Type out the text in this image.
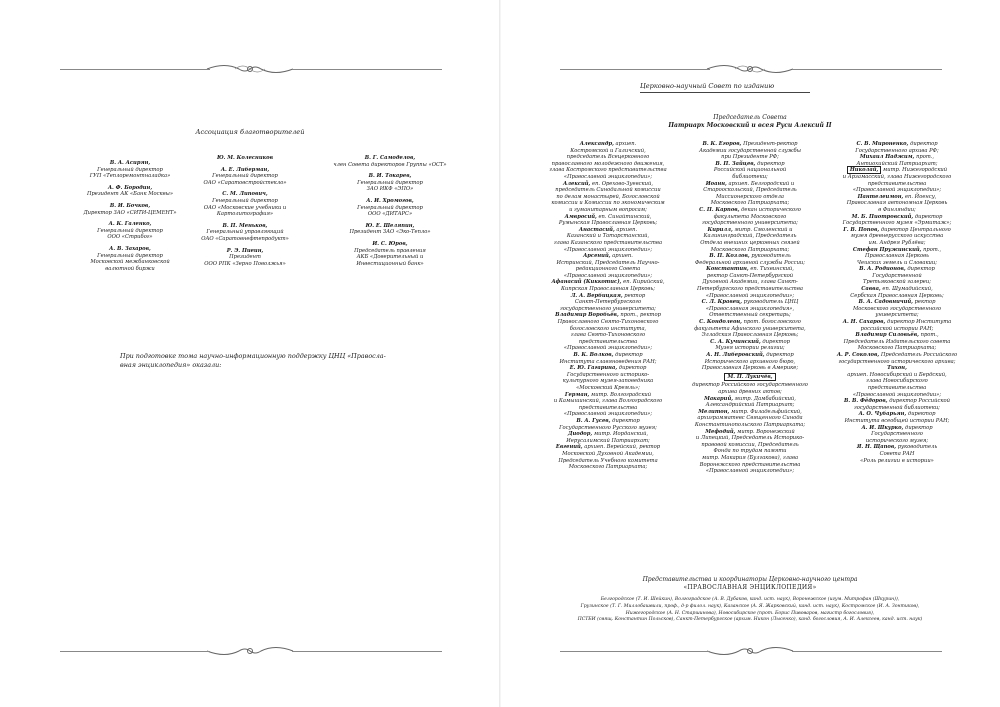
Ассоциация благотворителей

В. А. Асирян,

Генеральный директор

ГУП «Теплоремонтналадка»

А. Ф. Бородин,

Президент АК «Банк Москвы»

В. И. Бочков,

Директор ЗАО «СИТИ-ЦЕМЕНТ»

А. К. Галенко,

Генеральный директор

ООО «Стрибог»

А. В. Захаров,

Генеральный директор

Московской межбанковской

валютной биржи

Ю. М. Колесников

А. Е. Либерман,

Генеральный директор

ОАО «Саратовстройстекло»

С. М. Липович,

Генеральный директор

ОАО «Московские учебники и

Картолитография»

В. П. Меньков,

Генеральный управляющий

ОАО «Саратовнефтепродукт»

Р. Э. Пиеин,

Президент

ООО РПК «Зерно Поволжья»

В. Г. Самоделов,

член Совета директоров Группы «ОСТ»

В. И. Токарев,

Генеральный директор

ЗАО ИКФ «ЭПО»

А. И. Хромогов,

Генеральный директор

ООО «ДИТАРС»

Ю. Е. Шеляпин,

Президент ЗАО «Эко-Тепло»

И. С. Юров,

Председатель правления

АКБ «Доверительный и

Инвестиционный банк»

При подготовке тома научно-информационную поддержку ЦНЦ «Правосла-
вная энциклопедия» оказали:
Церковно-научный Совет по изданию
Председатель Совета
Патриарх Московский и всея Руси Алексий II

Александр, архиеп.

Костромской и Галичский,

председатель Всецерковного

православного молодежного движения,

глава Костромского представительства

«Православной энциклопедии»;

Алексий, еп. Орехово-Зуевский,

председатель Синодальной комиссии

по делам монастырей, Богословской

комиссии и Комиссии по экономическим

и гуманитарным вопросам;

Амвросий, еп. Синайтинский,

Румынская Православная Церковь;

Анастасий, архиеп.

Казанский и Татарстанский,

глава Казанского представительства

«Православной энциклопедии»;

Арсений, архиеп.

Истринский, Председатель Научно-

редакционного Совета

«Православной энциклопедии»;

Афанасий (Киккотис), еп. Кирийский,

Кипрская Православная Церковь;

Л. А. Вербицкая, ректор

Санкт-Петербургского

государственного университета;

Владимир Воробьёв, прот., ректор

Православного Свято-Тихоновского

богословского института,

глава Свято-Тихоновского

представительства

«Православной энциклопедии»;

В. К. Волков, директор

Института славяноведения РАН;

Е. Ю. Гагарина, директор

Государственного историко-

культурного музея-заповедника

«Московский Кремль»;

Герман, митр. Волгоградский

и Камышинский, глава Волгоградского

представительства

«Православной энциклопедии»;

В. А. Гусев, директор

Государственного Русского музея;

Диодор, митр. Иорданский,

Иерусалимский Патриархат;

Евгений, архиеп. Верейский, ректор

Московской Духовной Академии,

Председатель Учебного комитета

Московского Патриархата;

В. К. Егоров, Президент-ректор

Академии государственной службы

при Президенте РФ;

В. П. Зайцев, директор

Российской национальной

библиотеки;

Иоанн, архиеп. Белгородский и

Старооскольский, Председатель

Миссионерского отдела

Московского Патриархата;

С. П. Карпов, декан исторического

факультета Московского

государственного университета;

Кирилл, митр. Смоленский и

Калининградский, Председатель

Отдела внешних церковных связей

Московского Патриархата;

В. П. Козлов, руководитель

Федеральной архивной службы России;

Константин, еп. Тихвинский,

ректор Санкт-Петербургской

Духовной Академии, глава Санкт-

Петербургского представительства

«Православной энциклопедии»;

С. Л. Кравец, руководитель ЦНЦ

«Православная энциклопедия»,

Ответственный секретарь;

С. Кондолеон, прот. богословского

факультета Афинского университета,

Элладская Православная Церковь;

С. А. Кучинский, директор

Музея истории религии;

А. Н. Либеровский, директор

Исторического архивного бюро,

Православная Церковь в Америке;

М. П. Лукичёв,

директор Российского государственного

архива древних актов;

Макарий, митр. Дамбабийский,

Александрийский Патриархат;

Мелитон, митр. Филадельфийский,

архиграмматевс Священного Синода

Константинопольского Патриархата;

Мефодий, митр. Воронежский

и Липецкий, Председатель Историко-

правовой комиссии, Председатель

Фонда по трудам памяти

митр. Макария (Булгакова), глава

Воронежского представительства

«Православной энциклопедии»;

С. В. Мироненко, директор

Государственного архива РФ;

Михаил Наджим, прот.,

Антиохийский Патриархат;

Николай, митр. Нижегородский

и Арзамасский, глава Нижегородского

представительства

«Православной энциклопедии»;

Пантелеимон, еп. Йоенсу,

Православная автономная Церковь

в Финляндии;

М. Б. Пиотровский, директор

Государственного музея «Эрмитаж»;

Г. В. Попов, директор Центрального

музея древнерусского искусства

им. Андрея Рублёва;

Стефан Пружинский, прот.,

Православная Церковь

Чешских земель и Словакии;

В. А. Родионов, директор

Государственной

Третьяковской галереи;

Савва, еп. Шумадийский,

Сербская Православная Церковь;

В. А. Садовничий, ректор

Московского государственного

университета;

А. Н. Сахаров, директор Института

российской истории РАН;

Владимир Силовьёв, прот.,

Председатель Издательского совета

Московского Патриархата;

А. Р. Соколов, Председатель Российского

государственного исторического архива;

Тихон,

архиеп. Новосибирский и Бердский,

глава Новосибирского

представительства

«Православной энциклопедии»;

В. В. Фёдоров, директор Российской

государственной библиотеки;

А. О. Чубарьян, директор

Института всеобщей истории РАН;

А. И. Шкурко, директор

Государственного

исторического музея;

Я. Н. Щапов, руководитель

Совета РАН

«Роль религии в истории»

Представительства и координаторы Церковно-научного центра
«ПРАВОСЛАВНАЯ ЭНЦИКЛОПЕДИЯ»
Белгородское (Т. И. Шейкин), Волгоградское (А. В. Дубаков, канд. ист. наук), Воронежское (игум. Митрофан (Шкурин)),
Грузинское (Т. Г. Миллобашвили, проф., д-р филол. наук), Казанское (А. Я. Жарковский, канд. ист. наук), Костромское (И. А. Зонтиков),
Нижегородское (А. Н. Старшинова), Новосибирское (прот. Борис Пивоваров, магистр богословия),
ПСТБИ (свящ. Константин Польсков), Санкт-Петербургское (архим. Никон (Лысенко), канд. богословия, А. И. Алексеев, канд. ист. наук)
